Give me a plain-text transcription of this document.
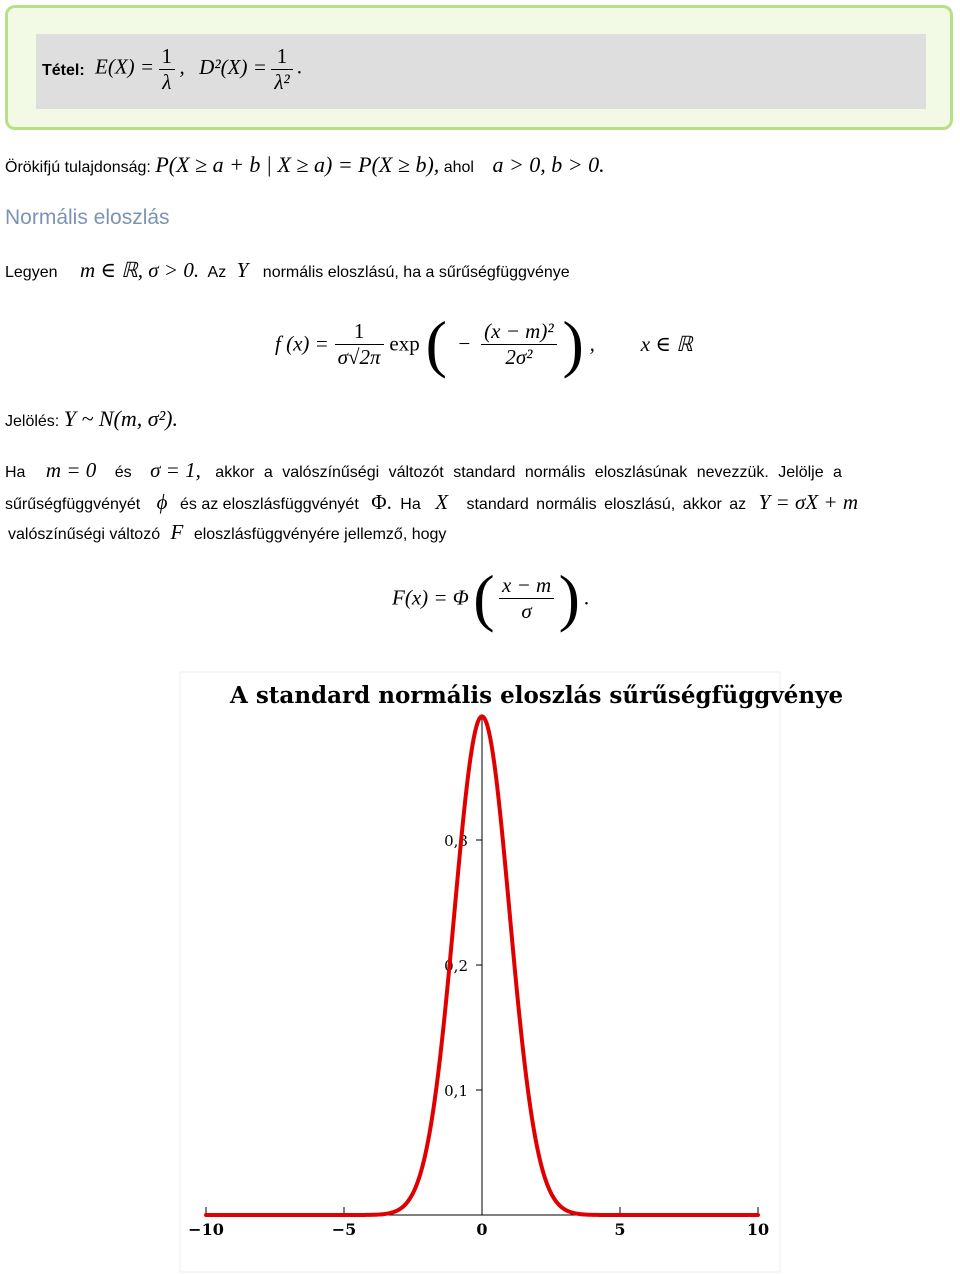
Tétel: $E(X) = \frac{1}{\lambda}$ , $D^2(X) = \frac{1}{\text{λ²}}$ .
Örökifjú tulajdonság: P(X ≥ a + b | X ≥ a) = P(X ≥ b), ahol a > 0, b > 0.
Normális eloszlás
Legyen m ∈ ℝ, σ > 0. Az Y normális eloszlású, ha a sűrűségfüggvénye
f $(x) = \frac{1}{\sigma√2\pi}$ exp (  −  $\frac{\text{(x − m)²}}{\text{2σ²}}$ ) , x ∈ ℝ
Jelölés: Y ~ N(m, σ²).
Ha m = 0 és σ = 1, akkor a valószínűségi változót standard normális eloszlásúnak nevezzük. Jelölje a
sűrűségfüggvényét ϕ és az eloszlásfüggvényét Φ. Ha X standard normális eloszlású, akkor az Y = σX + m
valószínűségi változó F eloszlásfüggvényére jellemző, hogy
F(x) = Φ ( $\frac{x - m}{\sigma}$ ) .
A standard normális eloszlás sűrűségfüggvénye
−10	−5	0	5	10
0,1
0,2
0,3
